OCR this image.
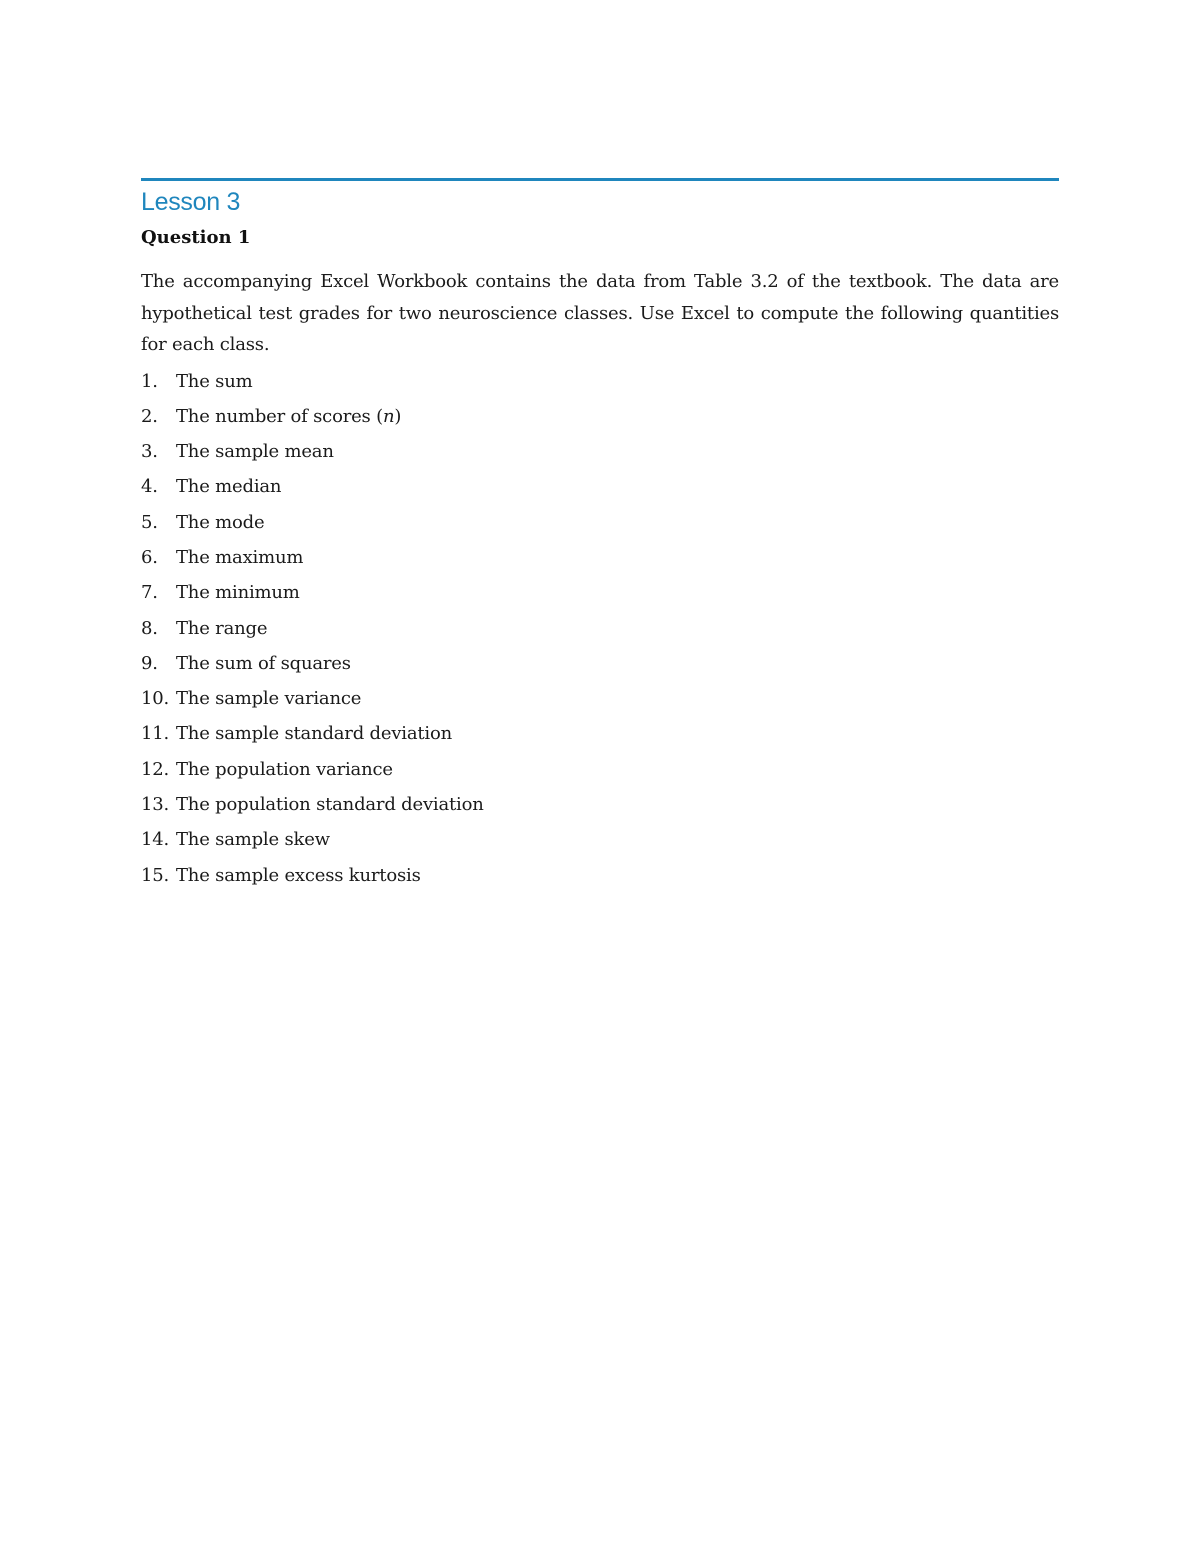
Lesson 3
Question 1

The accompanying Excel Workbook contains the data from Table 3.2 of the textbook. The data are hypothetical test grades for two neuroscience classes. Use Excel to compute the following quantities for each class.

1.	The sum
2.	The number of scores (n)
3.	The sample mean
4.	The median
5.	The mode
6.	The maximum
7.	The minimum
8.	The range
9.	The sum of squares
10. The sample variance
11. The sample standard deviation
12. The population variance
13. The population standard deviation
14. The sample skew
15. The sample excess kurtosis
